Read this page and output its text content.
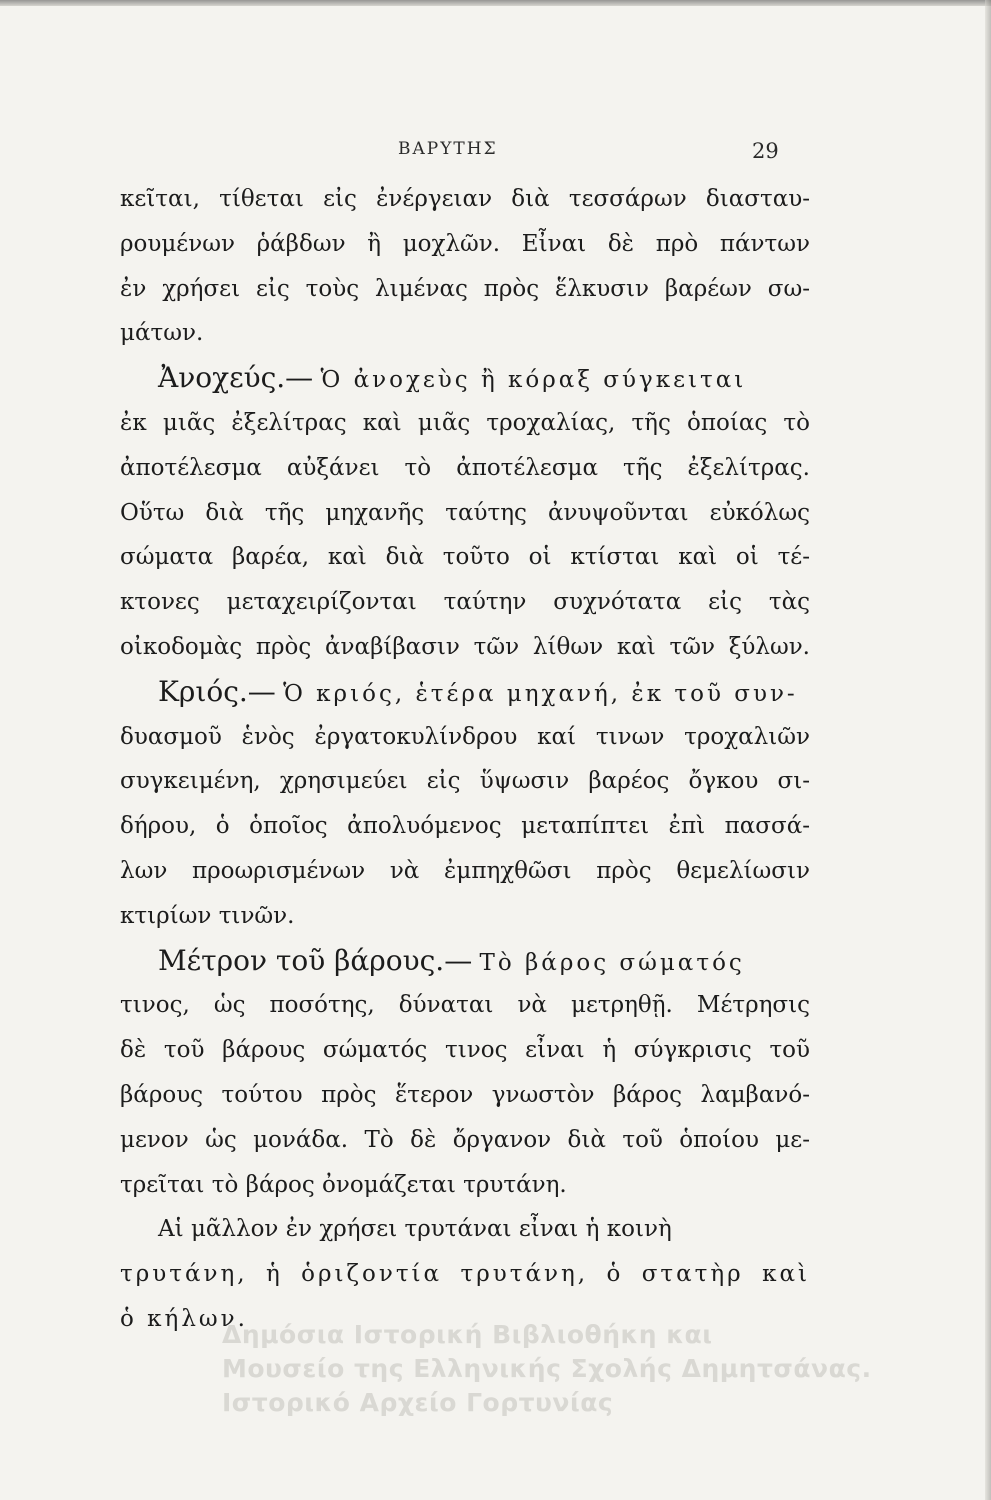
ΒΑΡΥΤΗΣ	29
κεῖται, τίθεται εἰς ἐνέργειαν διὰ τεσσάρων διασταυ-
ρουμένων ῥάβδων ἢ μοχλῶν. Εἶναι δὲ πρὸ πάντων
ἐν χρήσει εἰς τοὺς λιμένας πρὸς ἕλκυσιν βαρέων σω-
μάτων.
Ἀνοχεύς.— Ὁ ἀνοχεὺς ἢ κόραξ σύγκειται
ἐκ μιᾶς ἐξελίτρας καὶ μιᾶς τροχαλίας, τῆς ὁποίας τὸ
ἀποτέλεσμα αὐξάνει τὸ ἀποτέλεσμα τῆς ἐξελίτρας.
Οὕτω διὰ τῆς μηχανῆς ταύτης ἀνυψοῦνται εὐκόλως
σώματα βαρέα, καὶ διὰ τοῦτο οἱ κτίσται καὶ οἱ τέ-
κτονες μεταχειρίζονται ταύτην συχνότατα εἰς τὰς
οἰκοδομὰς πρὸς ἀναβίβασιν τῶν λίθων καὶ τῶν ξύλων.
Κριός.— Ὁ κριός, ἑτέρα μηχανή, ἐκ τοῦ συν-
δυασμοῦ ἑνὸς ἐργατοκυλίνδρου καί τινων τροχαλιῶν
συγκειμένη, χρησιμεύει εἰς ὕψωσιν βαρέος ὄγκου σι-
δήρου, ὁ ὁποῖος ἀπολυόμενος μεταπίπτει ἐπὶ πασσά-
λων προωρισμένων νὰ ἐμπηχθῶσι πρὸς θεμελίωσιν
κτιρίων τινῶν.
Μέτρον τοῦ βάρους.— Τὸ βάρος σώματός
τινος, ὡς ποσότης, δύναται νὰ μετρηθῇ. Μέτρησις
δὲ τοῦ βάρους σώματός τινος εἶναι ἡ σύγκρισις τοῦ
βάρους τούτου πρὸς ἕτερον γνωστὸν βάρος λαμβανό-
μενον ὡς μονάδα. Τὸ δὲ ὄργανον διὰ τοῦ ὁποίου με-
τρεῖται τὸ βάρος ὀνομάζεται τρυτάνη.
Αἱ μᾶλλον ἐν χρήσει τρυτάναι εἶναι ἡ κοινὴ
τρυτάνη, ἡ ὁριζοντία τρυτάνη, ὁ στατὴρ καὶ
ὁ κήλων.
Δημόσια Ιστορική Βιβλιοθήκη και
Μουσείο της Ελληνικής Σχολής Δημητσάνας.
Ιστορικό Αρχείο Γορτυνίας
